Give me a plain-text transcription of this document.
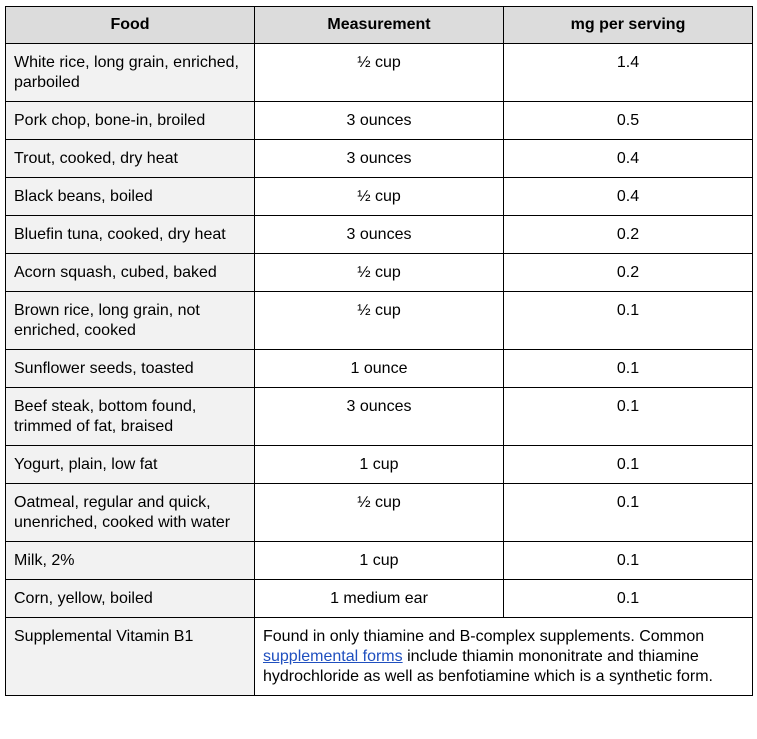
Food	Measurement	mg per serving
White rice, long grain, enriched, parboiled	½ cup	1.4
Pork chop, bone-in, broiled	3 ounces	0.5
Trout, cooked, dry heat	3 ounces	0.4
Black beans, boiled	½ cup	0.4
Bluefin tuna, cooked, dry heat	3 ounces	0.2
Acorn squash, cubed, baked	½ cup	0.2
Brown rice, long grain, not enriched, cooked	½ cup	0.1
Sunflower seeds, toasted	1 ounce	0.1
Beef steak, bottom found, trimmed of fat, braised	3 ounces	0.1
Yogurt, plain, low fat	1 cup	0.1
Oatmeal, regular and quick, unenriched, cooked with water	½ cup	0.1
Milk, 2%	1 cup	0.1
Corn, yellow, boiled	1 medium ear	0.1
Supplemental Vitamin B1	Found in only thiamine and B-complex supplements. Common supplemental forms include thiamin mononitrate and thiamine hydrochloride as well as benfotiamine which is a synthetic form.	
